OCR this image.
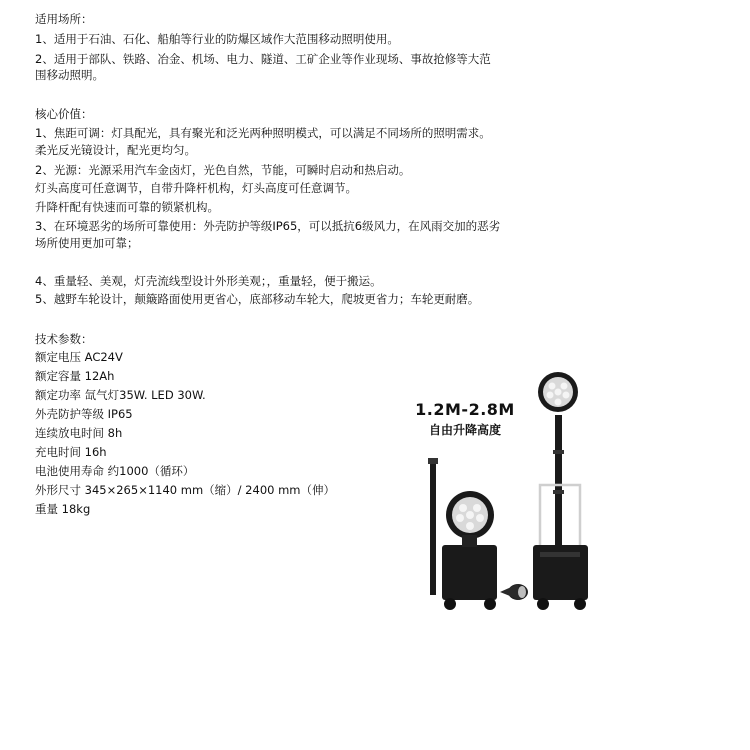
适用场所：
1、适用于石油、石化、船舶等行业的防爆区域作大范围移动照明使用。
2、适用于部队、铁路、冶金、机场、电力、隧道、工矿企业等作业现场、事故抢修等大范
围移动照明。
核心价值：
1、焦距可调：灯具配光，具有聚光和泛光两种照明模式，可以满足不同场所的照明需求。
柔光反光镜设计，配光更均匀。
2、光源：光源采用汽车金卤灯，光色自然，节能，可瞬时启动和热启动。
灯头高度可任意调节，自带升降杆机构，灯头高度可任意调节。
升降杆配有快速而可靠的锁紧机构。
3、在环境恶劣的场所可靠使用：外壳防护等级IP65，可以抵抗6级风力，在风雨交加的恶劣
场所使用更加可靠；
4、重量轻、美观，灯壳流线型设计外形美观；，重量轻，便于搬运。
5、越野车轮设计，颠簸路面使用更省心，底部移动车轮大，爬坡更省力；车轮更耐磨。
技术参数：
额定电压 AC24V
额定容量 12Ah
额定功率 氙气灯35W. LED 30W.
外壳防护等级 IP65
连续放电时间 8h
充电时间 16h
电池使用寿命 约1000（循环）
外形尺寸 345×265×1140 mm（缩）/ 2400 mm（伸）
重量 18kg
1.2M-2.8M
自由升降高度
